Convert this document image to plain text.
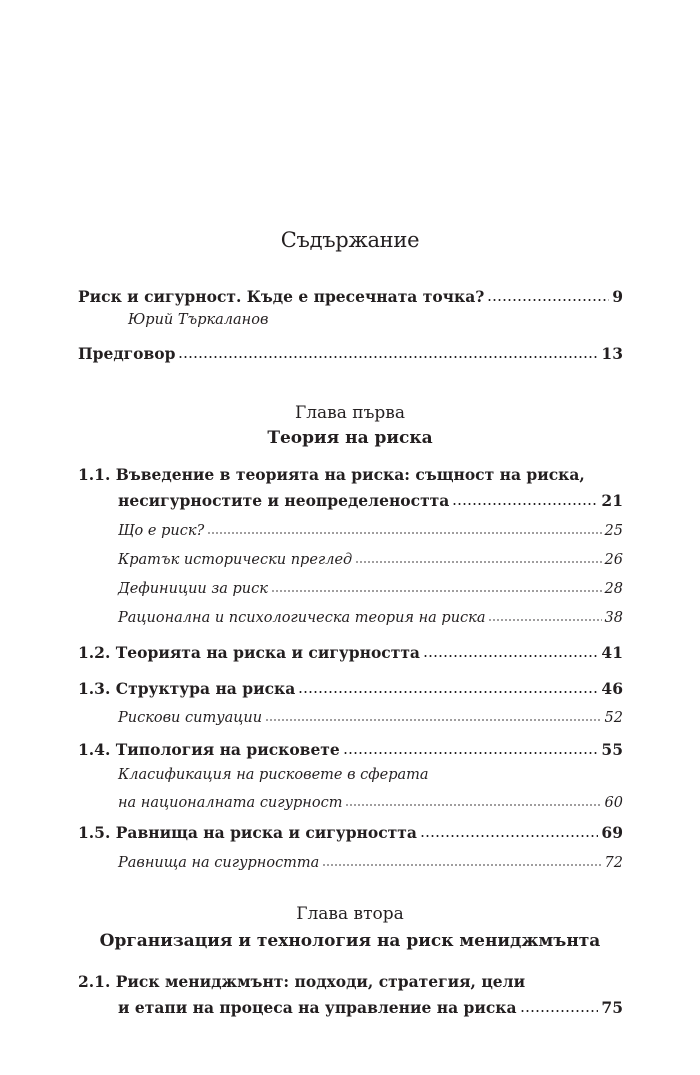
Съдържание
Риск и сигурност. Къде е пресечната точка?	9
Юрий Търкаланов
Предговор	13
Глава първа
Теория на риска
1.1. Въведение в теорията на риска: същност на риска,
несигурностите и неопределеността	21
Що е риск?	25
Кратък исторически преглед	26
Дефиниции за риск	28
Рационална и психологическа теория на риска	38
1.2. Теорията на риска и сигурността	41
1.3. Структура на риска	46
Рискови ситуации	52
1.4. Типология на рисковете	55
Класификация на рисковете в сферата
на националната сигурност	60
1.5. Равнища на риска и сигурността	69
Равнища на сигурността	72
Глава втора
Организация и технология на риск мениджмънта
2.1. Риск мениджмънт: подходи, стратегия, цели
и етапи на процеса на управление на риска	75
